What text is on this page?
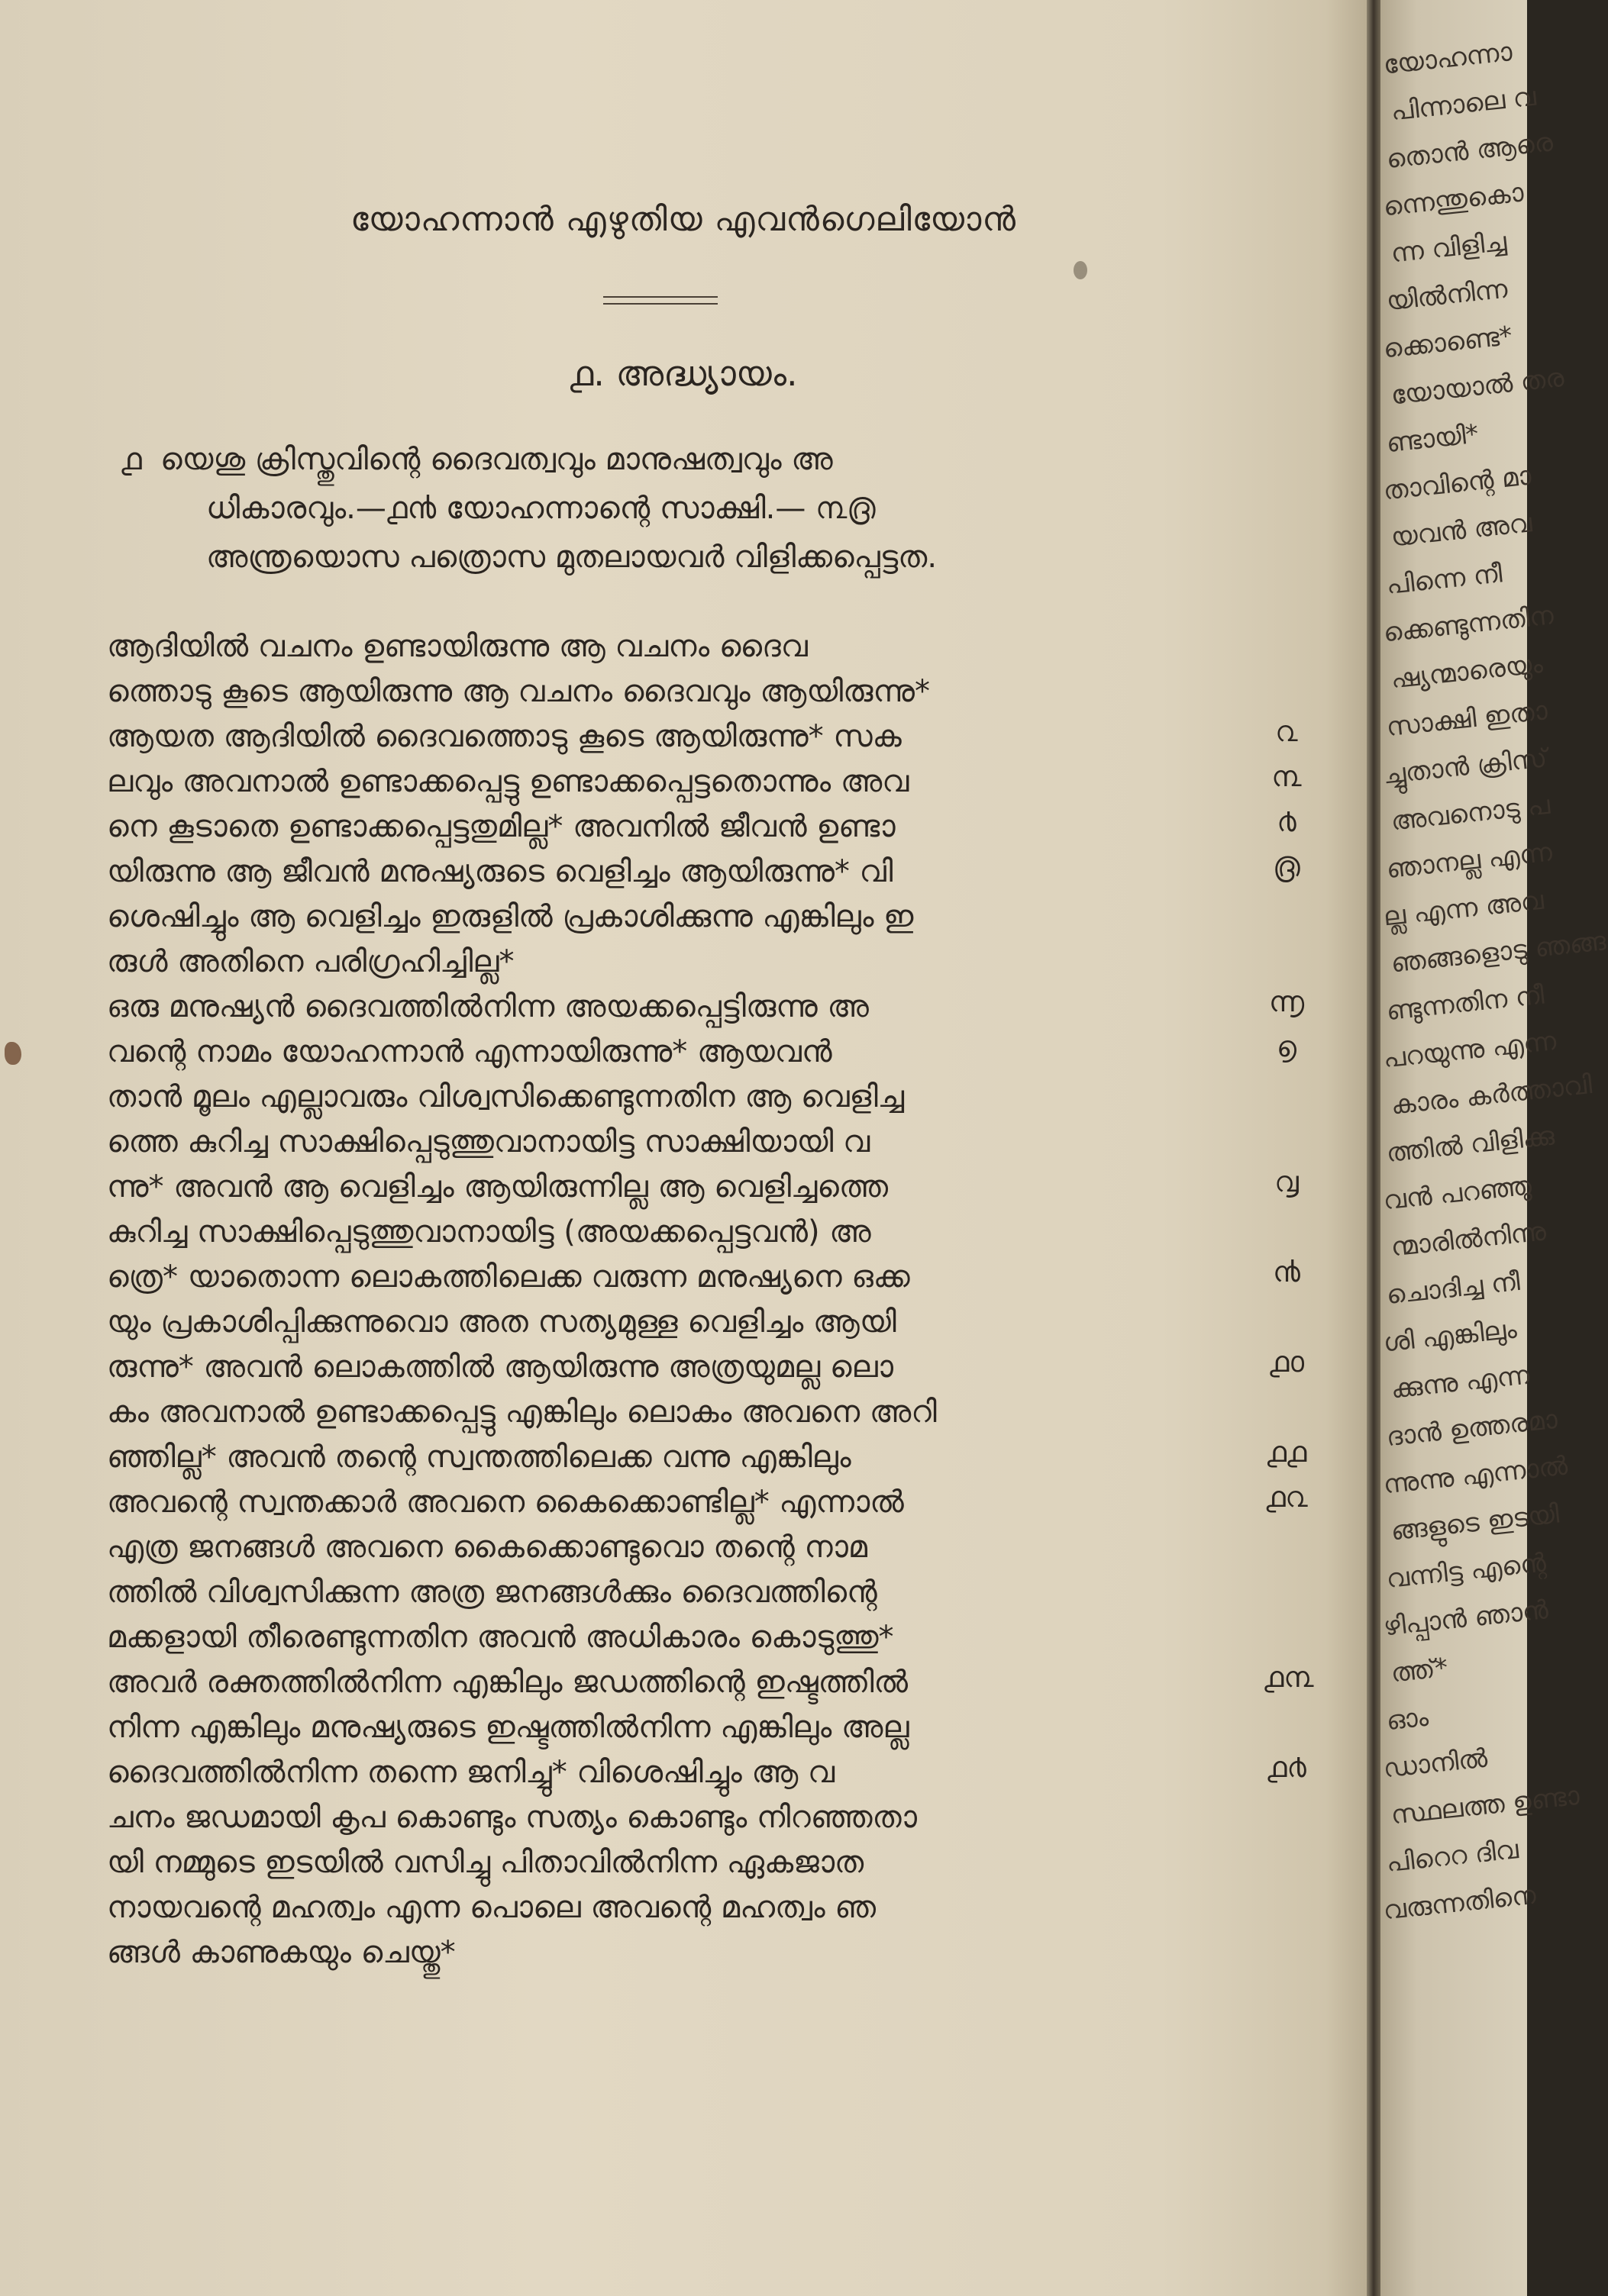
യോഹന്നാൻ എഴുതിയ എവൻഗെലിയോൻ
൧. അദ്ധ്യായം.
൧ യെശു ക്രിസ്തുവിന്റെ ദൈവത്വവും മാനുഷത്വവും അ
ധികാരവും.—൧൯ യോഹന്നാന്റെ സാക്ഷി.— ൩൫
അന്ത്രയൊസ പത്രൊസ മുതലായവർ വിളിക്കപ്പെട്ടത.
ആദിയിൽ വചനം ഉണ്ടായിരുന്നു ആ വചനം ദൈവ
ത്തൊടു കൂടെ ആയിരുന്നു ആ വചനം ദൈവവും ആയിരുന്നു*
ആയത ആദിയിൽ ദൈവത്തൊടു കൂടെ ആയിരുന്നു* സക	൨
ലവും അവനാൽ ഉണ്ടാക്കപ്പെട്ടു ഉണ്ടാക്കപ്പെട്ടതൊന്നും അവ	൩
നെ കൂടാതെ ഉണ്ടാക്കപ്പെട്ടതുമില്ല* അവനിൽ ജീവൻ ഉണ്ടാ	൪
യിരുന്നു ആ ജീവൻ മനുഷ്യരുടെ വെളിച്ചം ആയിരുന്നു* വി	൫
ശെഷിച്ചും ആ വെളിച്ചം ഇരുളിൽ പ്രകാശിക്കുന്നു എങ്കിലും ഇ
രുൾ അതിനെ പരിഗ്രഹിച്ചില്ല*
ഒരു മനുഷ്യൻ ദൈവത്തിൽനിന്ന അയക്കപ്പെട്ടിരുന്നു അ	൬
വന്റെ നാമം യോഹന്നാൻ എന്നായിരുന്നു* ആയവൻ	൭
താൻ മൂലം എല്ലാവരും വിശ്വസിക്കെണ്ടുന്നതിന ആ വെളിച്ച
ത്തെ കുറിച്ച സാക്ഷിപ്പെടുത്തുവാനായിട്ട സാക്ഷിയായി വ
ന്നു* അവൻ ആ വെളിച്ചം ആയിരുന്നില്ല ആ വെളിച്ചത്തെ	൮
കുറിച്ച സാക്ഷിപ്പെടുത്തുവാനായിട്ട (അയക്കപ്പെട്ടവൻ) അ
ത്രെ* യാതൊന്ന ലൊകത്തിലെക്ക വരുന്ന മനുഷ്യനെ ഒക്ക	൯
യും പ്രകാശിപ്പിക്കുന്നുവൊ അത സത്യമുള്ള വെളിച്ചം ആയി
രുന്നു* അവൻ ലൊകത്തിൽ ആയിരുന്നു അത്രയുമല്ല ലൊ	൧൦
കം അവനാൽ ഉണ്ടാക്കപ്പെട്ടു എങ്കിലും ലൊകം അവനെ അറി
ഞ്ഞില്ല* അവൻ തന്റെ സ്വന്തത്തിലെക്ക വന്നു എങ്കിലും	൧൧
അവന്റെ സ്വന്തക്കാർ അവനെ കൈക്കൊണ്ടില്ല* എന്നാൽ	൧൨
എത്ര ജനങ്ങൾ അവനെ കൈക്കൊണ്ടുവൊ തന്റെ നാമ
ത്തിൽ വിശ്വസിക്കുന്ന അത്ര ജനങ്ങൾക്കും ദൈവത്തിന്റെ
മക്കളായി തീരെണ്ടുന്നതിന അവൻ അധികാരം കൊടുത്തു*
അവർ രക്തത്തിൽനിന്ന എങ്കിലും ജഡത്തിന്റെ ഇഷ്ടത്തിൽ	൧൩
നിന്ന എങ്കിലും മനുഷ്യരുടെ ഇഷ്ടത്തിൽനിന്ന എങ്കിലും അല്ല
ദൈവത്തിൽനിന്ന തന്നെ ജനിച്ചു* വിശെഷിച്ചും ആ വ	൧൪
ചനം ജഡമായി കൃപ കൊണ്ടും സത്യം കൊണ്ടും നിറഞ്ഞതാ
യി നമ്മുടെ ഇടയിൽ വസിച്ചു പിതാവിൽനിന്ന ഏകജാത
നായവന്റെ മഹത്വം എന്ന പൊലെ അവന്റെ മഹത്വം ഞ
ങ്ങൾ കാണുകയും ചെയ്തു*
യോഹന്നാ
പിന്നാലെ വ
തൊൻ ആരെ
ന്നെന്തുകൊ
ന്ന വിളിച്ച
യിൽനിന്ന
ക്കൊണ്ടെ*
യോയാൽ തര
ണ്ടായി*
താവിന്റെ മാ
യവൻ അവ
പിന്നെ നീ
ക്കെണ്ടുന്നതിന
ഷ്യന്മാരെയും
സാക്ഷി ഇതാ
ച്ചുതാൻ ക്രിസ്
അവനൊടു പ
ഞാനല്ല എന്ന
ല്ല എന്ന അവ
ഞങ്ങളൊടു ഞങ്ങ
ണ്ടുന്നതിന നീ
പറയുന്നു എന്ന
കാരം കർത്താവി
ത്തിൽ വിളിക്കു
വൻ പറഞ്ഞു
ന്മാരിൽനിന്നു
ചൊദിച്ച നീ
ശി എങ്കിലും
ക്കുന്നു എന്ന
ദാൻ ഉത്തരമാ
ന്നുന്നു എന്നാൽ
ങ്ങളുടെ ഇടയി
വന്നിട്ട എന്റെ
ഴിപ്പാൻ ഞാൻ
ത്ത്*
ഓം
ഡാനിൽ
സ്ഥലത്ത ഉണ്ടാ
പിറെറ ദിവ
വരുന്നതിനെ
